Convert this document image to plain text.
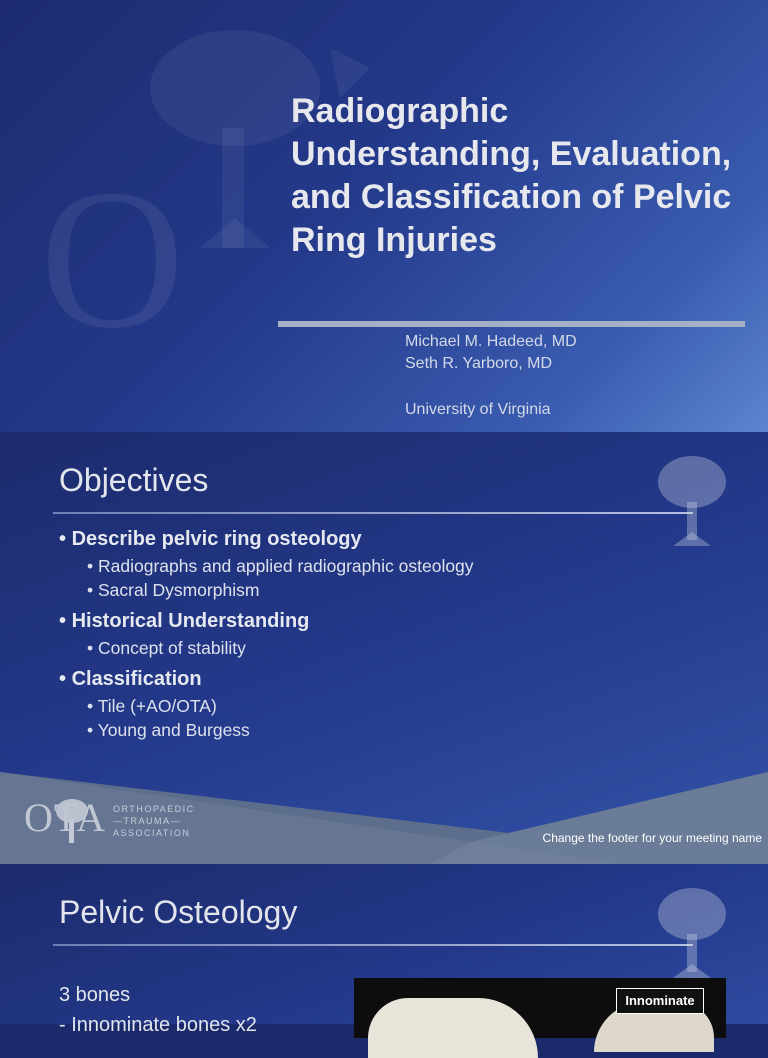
O
Radiographic Understanding, Evaluation, and Classification of Pelvic Ring Injuries
Michael M. Hadeed, MD
Seth R. Yarboro, MD
University of Virginia
Objectives
• Describe pelvic ring osteology
• Radiographs and applied radiographic osteology
• Sacral Dysmorphism
• Historical Understanding
• Concept of stability
• Classification
• Tile (+AO/OTA)
• Young and Burgess
OTA ORTHOPAEDIC
—TRAUMA—
ASSOCIATION	Change the footer for your meeting name
Pelvic Osteology
3 bones
- Innominate bones x2
Innominate
